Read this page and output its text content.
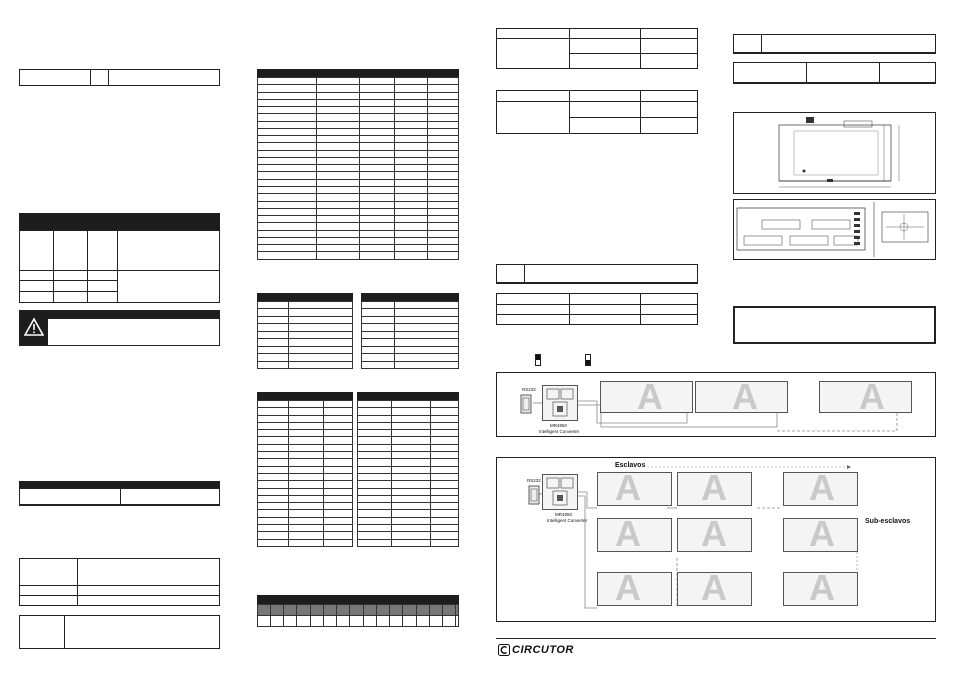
RS232
MR4850
Intelligent Converter
A A	A
Esclavos
RS232
MR4850
Intelligent Converter	Sub-esclavos
A A A
A A A
A A A
CIRCUTOR
